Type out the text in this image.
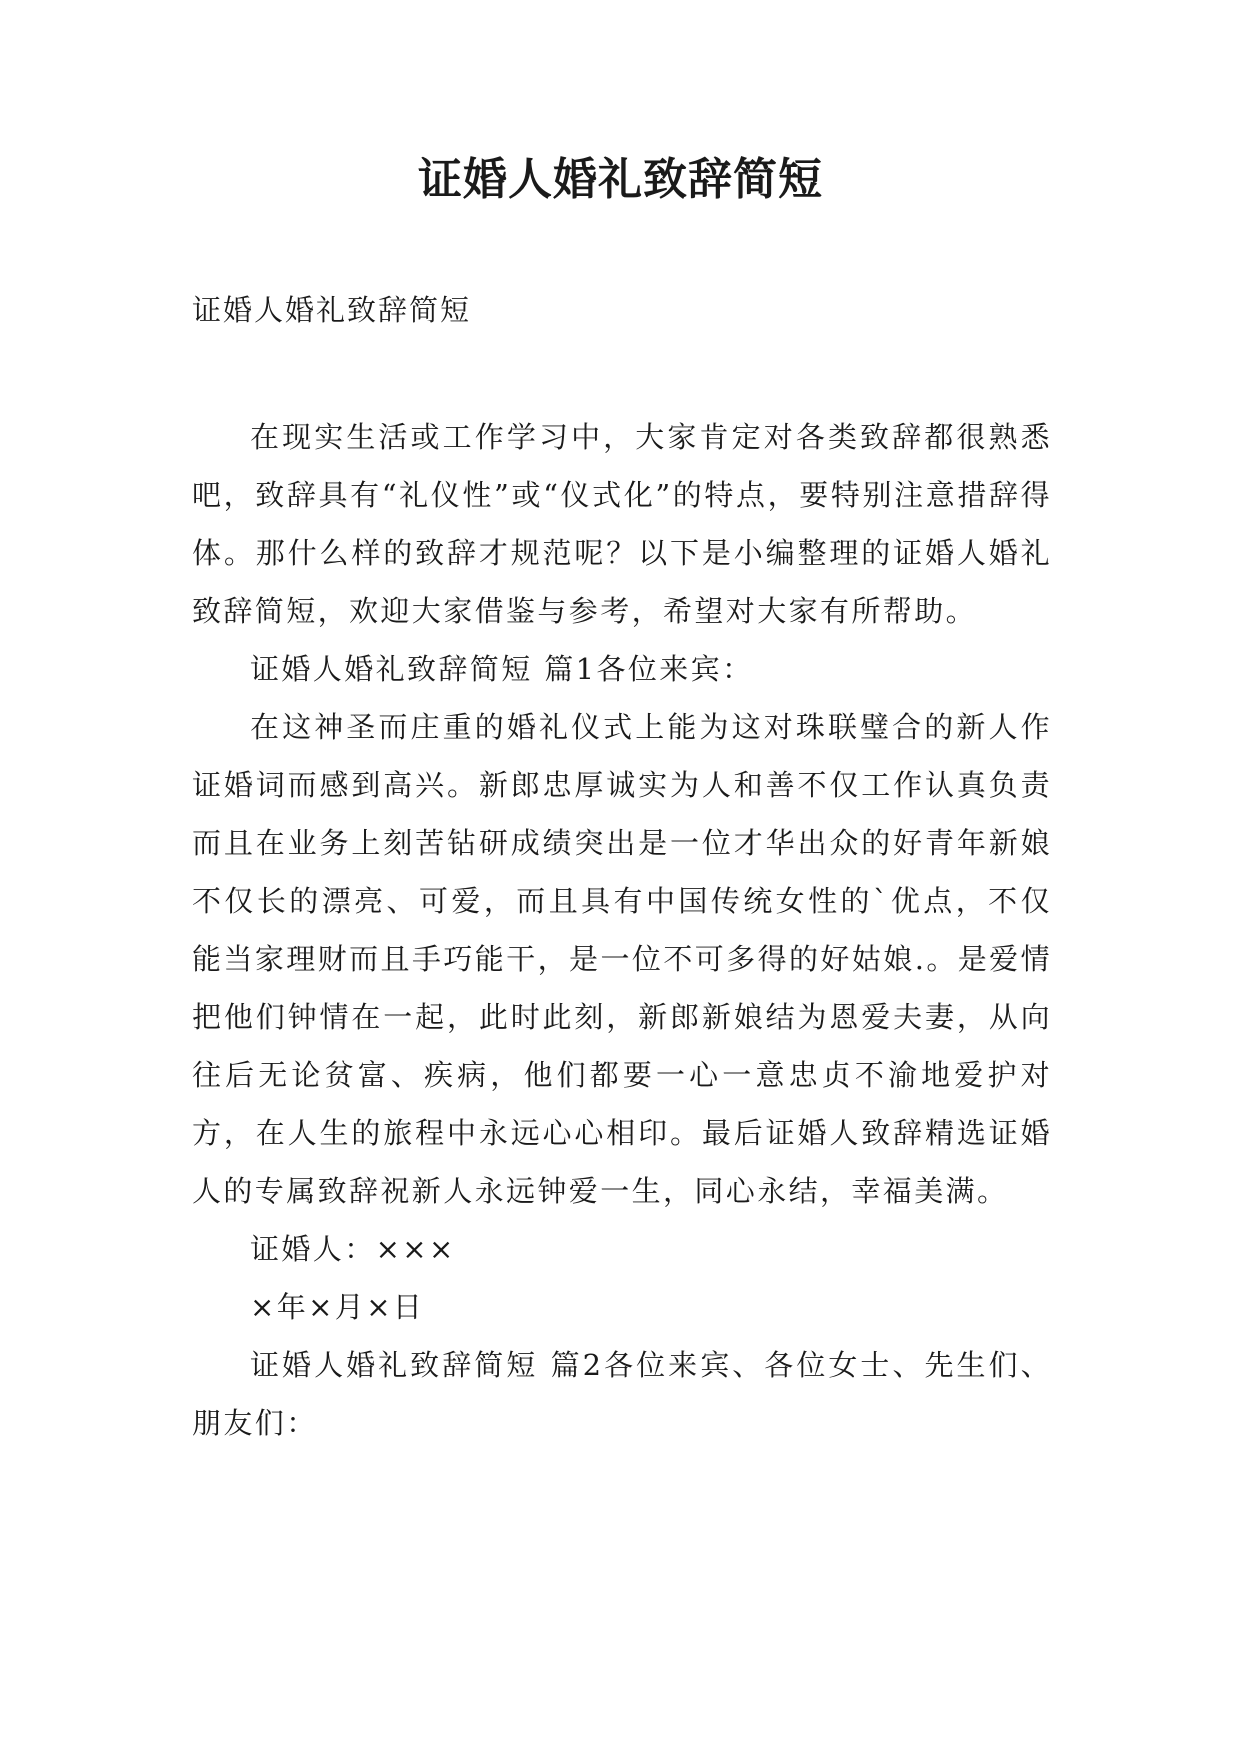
证婚人婚礼致辞简短

证婚人婚礼致辞简短

在现实生活或工作学习中，大家肯定对各类致辞都很熟悉吧，致辞具有“礼仪性”或“仪式化”的特点，要特别注意措辞得体。那什么样的致辞才规范呢？以下是小编整理的证婚人婚礼致辞简短，欢迎大家借鉴与参考，希望对大家有所帮助。

证婚人婚礼致辞简短 篇1各位来宾：

在这神圣而庄重的婚礼仪式上能为这对珠联璧合的新人作证婚词而感到高兴。新郎忠厚诚实为人和善不仅工作认真负责而且在业务上刻苦钻研成绩突出是一位才华出众的好青年新娘不仅长的漂亮、可爱，而且具有中国传统女性的`优点，不仅能当家理财而且手巧能干，是一位不可多得的好姑娘.。是爱情把他们钟情在一起，此时此刻，新郎新娘结为恩爱夫妻，从向往后无论贫富、疾病，他们都要一心一意忠贞不渝地爱护对方，在人生的旅程中永远心心相印。最后证婚人致辞精选证婚人的专属致辞祝新人永远钟爱一生，同心永结，幸福美满。

证婚人：×××

×年×月×日

证婚人婚礼致辞简短 篇2各位来宾、各位女士、先生们、朋友们：
